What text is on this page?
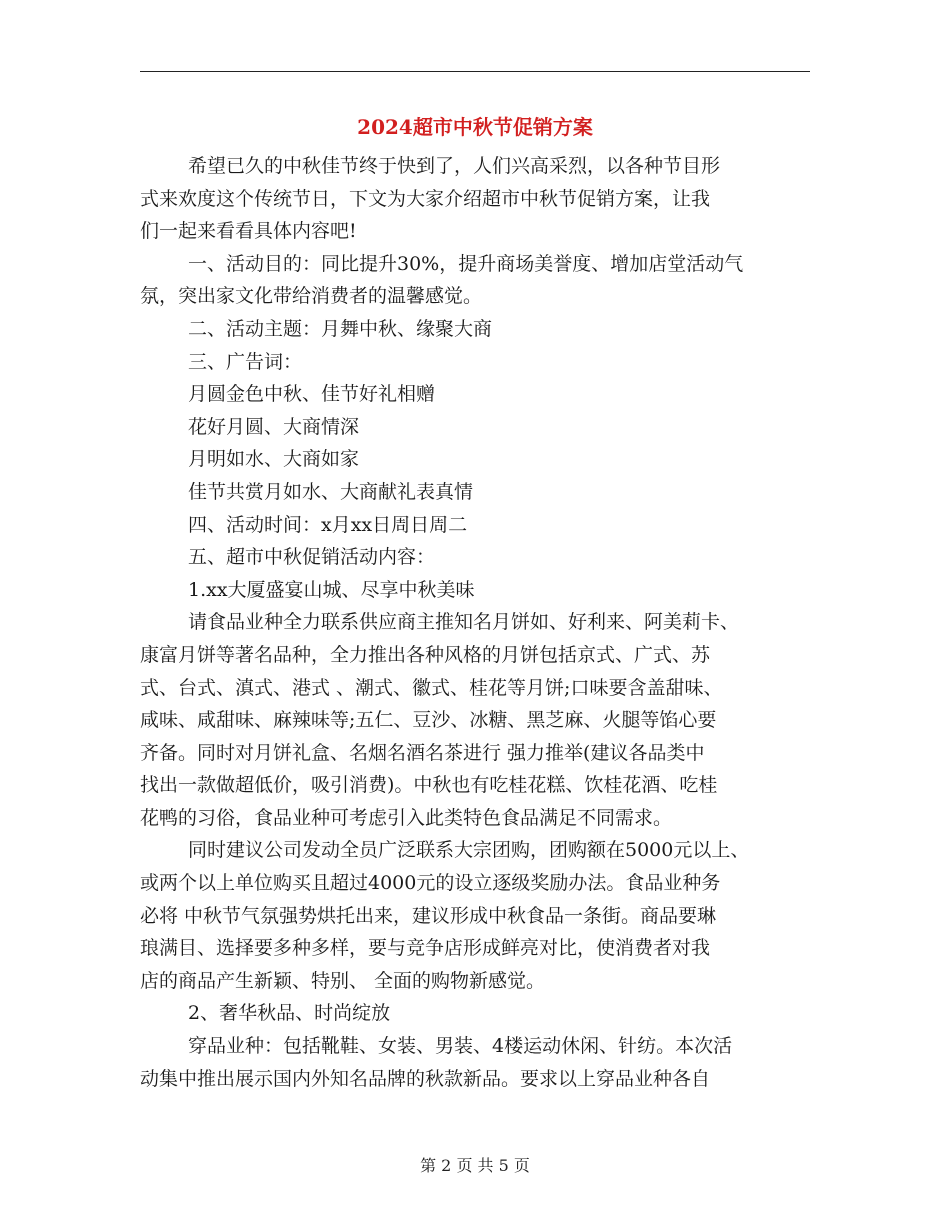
2024超市中秋节促销方案
希望已久的中秋佳节终于快到了，人们兴高采烈，以各种节目形
式来欢度这个传统节日，下文为大家介绍超市中秋节促销方案，让我
们一起来看看具体内容吧!
一、活动目的：同比提升30%，提升商场美誉度、增加店堂活动气
氛，突出家文化带给消费者的温馨感觉。
二、活动主题：月舞中秋、缘聚大商
三、广告词：
月圆金色中秋、佳节好礼相赠
花好月圆、大商情深
月明如水、大商如家
佳节共赏月如水、大商献礼表真情
四、活动时间：x月xx日周日周二
五、超市中秋促销活动内容：
1.xx大厦盛宴山城、尽享中秋美味
请食品业种全力联系供应商主推知名月饼如、好利来、阿美莉卡、
康富月饼等著名品种，全力推出各种风格的月饼包括京式、广式、苏
式、台式、滇式、港式 、潮式、徽式、桂花等月饼;口味要含盖甜味、
咸味、咸甜味、麻辣味等;五仁、豆沙、冰糖、黑芝麻、火腿等馅心要
齐备。同时对月饼礼盒、名烟名酒名茶进行 强力推举(建议各品类中
找出一款做超低价，吸引消费)。中秋也有吃桂花糕、饮桂花酒、吃桂
花鸭的习俗，食品业种可考虑引入此类特色食品满足不同需求。
同时建议公司发动全员广泛联系大宗团购，团购额在5000元以上、
或两个以上单位购买且超过4000元的设立逐级奖励办法。食品业种务
必将 中秋节气氛强势烘托出来，建议形成中秋食品一条街。商品要琳
琅满目、选择要多种多样，要与竞争店形成鲜亮对比，使消费者对我
店的商品产生新颖、特别、 全面的购物新感觉。
2、奢华秋品、时尚绽放
穿品业种：包括靴鞋、女装、男装、4楼运动休闲、针纺。本次活
动集中推出展示国内外知名品牌的秋款新品。要求以上穿品业种各自
第 2 页 共 5 页
